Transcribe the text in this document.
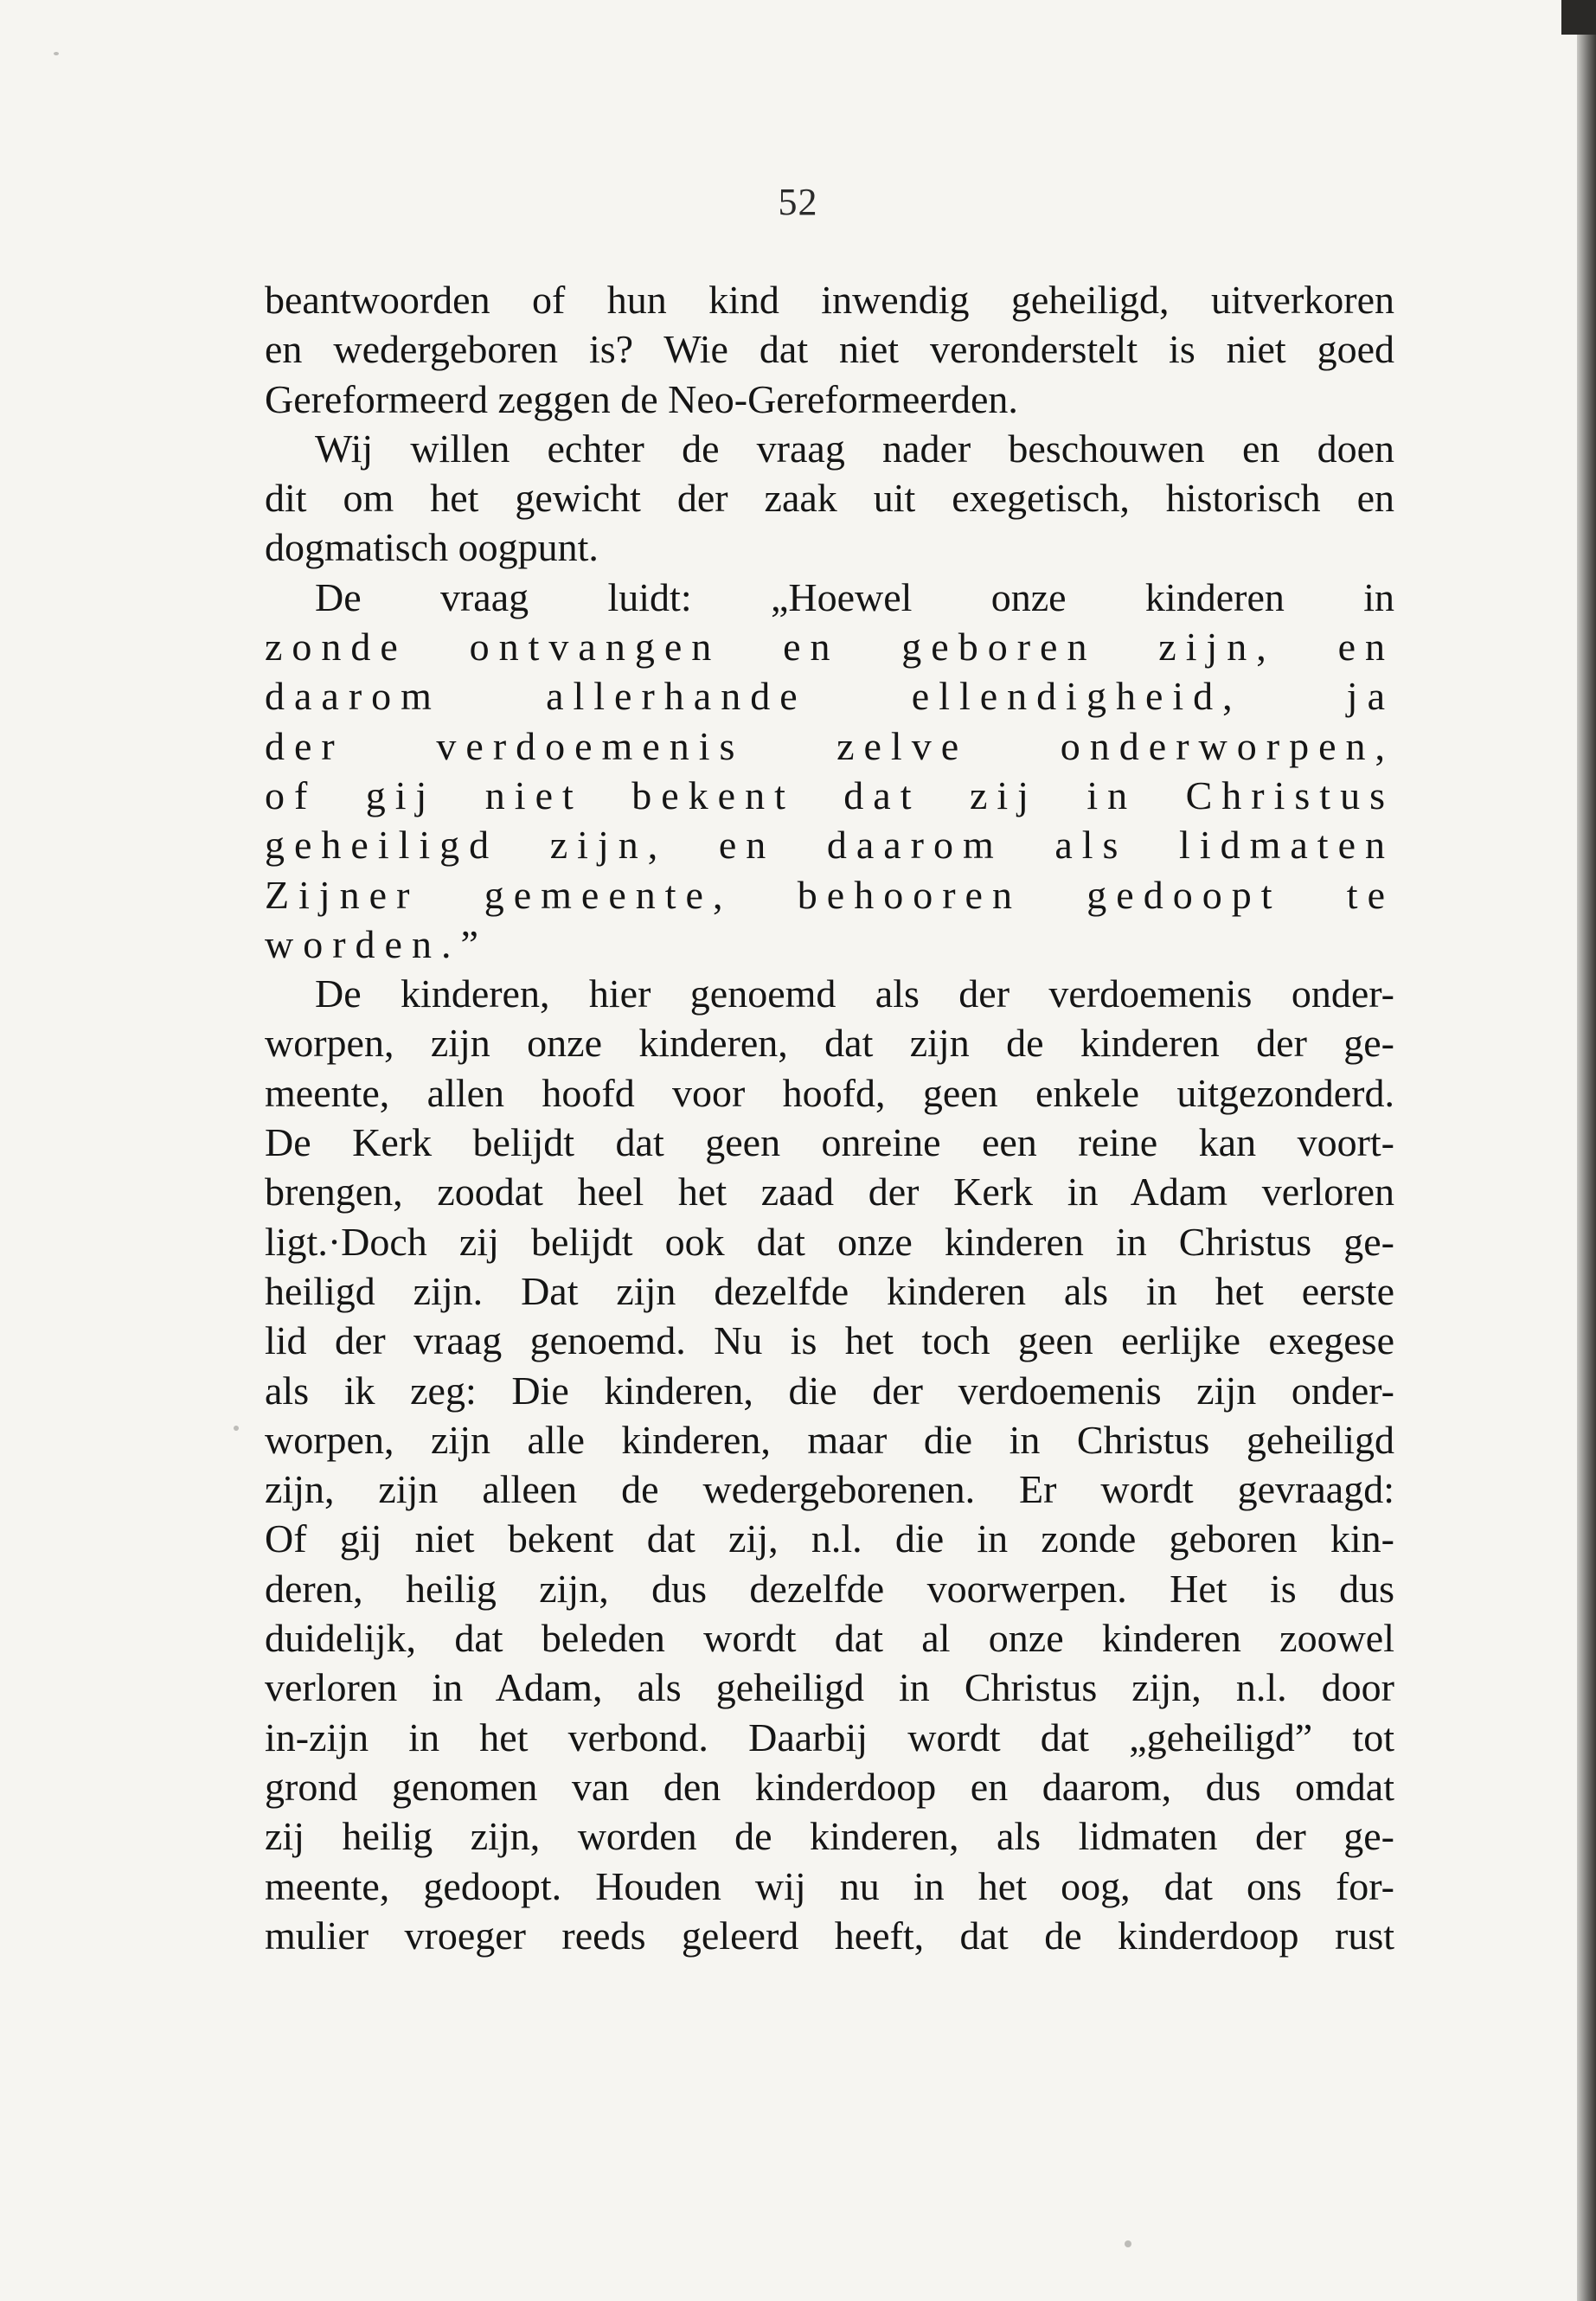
52
beantwoorden of hun kind inwendig geheiligd, uitverkoren
en wedergeboren is? Wie dat niet veronderstelt is niet goed
Gereformeerd zeggen de Neo-Gereformeerden.
Wij willen echter de vraag nader beschouwen en doen
dit om het gewicht der zaak uit exegetisch, historisch en
dogmatisch oogpunt.
De vraag luidt: „Hoewel onze kinderen in
zonde ontvangen en geboren zijn, en
daarom allerhande ellendigheid, ja
der verdoemenis zelve onderworpen,
of gij niet bekent dat zij in Christus
geheiligd zijn, en daarom als lidmaten
Zijner gemeente, behooren gedoopt te
worden.”
De kinderen, hier genoemd als der verdoemenis onder-
worpen, zijn onze kinderen, dat zijn de kinderen der ge-
meente, allen hoofd voor hoofd, geen enkele uitgezonderd.
De Kerk belijdt dat geen onreine een reine kan voort-
brengen, zoodat heel het zaad der Kerk in Adam verloren
ligt.·Doch zij belijdt ook dat onze kinderen in Christus ge-
heiligd zijn. Dat zijn dezelfde kinderen als in het eerste
lid der vraag genoemd. Nu is het toch geen eerlijke exegese
als ik zeg: Die kinderen, die der verdoemenis zijn onder-
worpen, zijn alle kinderen, maar die in Christus geheiligd
zijn, zijn alleen de wedergeborenen. Er wordt gevraagd:
Of gij niet bekent dat zij, n.l. die in zonde geboren kin-
deren, heilig zijn, dus dezelfde voorwerpen. Het is dus
duidelijk, dat beleden wordt dat al onze kinderen zoowel
verloren in Adam, als geheiligd in Christus zijn, n.l. door
in-zijn in het verbond. Daarbij wordt dat „geheiligd” tot
grond genomen van den kinderdoop en daarom, dus omdat
zij heilig zijn, worden de kinderen, als lidmaten der ge-
meente, gedoopt. Houden wij nu in het oog, dat ons for-
mulier vroeger reeds geleerd heeft, dat de kinderdoop rust
